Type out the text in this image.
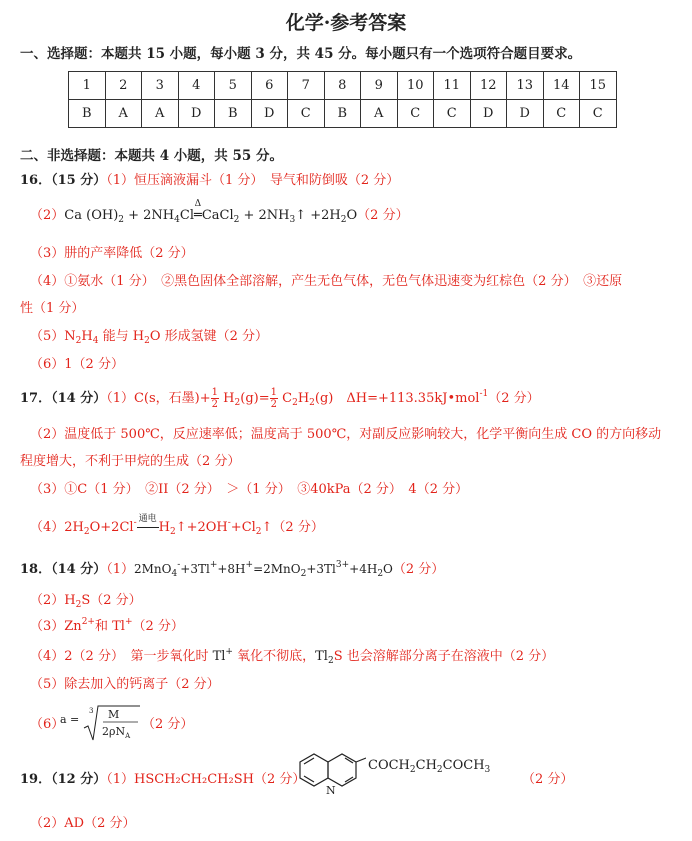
化学·参考答案
一、选择题：本题共 15 小题，每小题 3 分，共 45 分。每小题只有一个选项符合题目要求。
1	2	3	4	5	6	7	8	9	10	11	12	13	14	15
B	A	A	D	B	D	C	B	A	C	C	D	D	C	C
二、非选择题：本题共 4 小题，共 55 分。
16．（15 分）（1）恒压滴液漏斗（1 分）　导气和防倒吸（2 分）
（2）Ca $(OH)_2 + 2NH_4Cl$
Δ
═CaCl$_2$ + $2NH_3↑ +2H_2O(2$ 分）
（3）肼的产率降低（2 分）
（4）①氨水（1 分）　②黑色固体全部溶解，产生无色气体，无色气体迅速变为红棕色（2 分）　③还原
性（1 分）
$(5)N_2H_4$ 能与 $H_2O$ 形成氢键（2 分）
（6）1（2 分）
17．（14 分）（1）C(s，石墨)+ $\frac{1}{2} H_2(g)= \frac{1}{2} C_2H_2(g)$　ΔH=+113.35kJ•mol$^{-1}$（2 分）
（2）温度低于 500℃，反应速率低；温度高于 500℃，对副反应影响较大，化学平衡向生成 CO 的方向移动
程度增大，不利于甲烷的生成（2 分）
（3）①C（1 分）　②II（2 分）　＞（1 分）　③40kPa（2 分）　4（2 分）
$(4)2H_2O+2Cl^-$ 通电
$H_2↑+2OH^-+Cl_2↑(2$ 分）
18．（14 分）$(1)2MnO_4^-+3Tl^++8H^+=2MnO_2+3Tl^{3+}+4H_2O(2$ 分）
$(2)H_2S(2$ 分）
$(3)Zn^{2+}$和 Tl+（2 分）
（4）2（2 分）　第一步氧化时 Tl+ 氧化不彻底，$Tl_2S$ 也会溶解部分离子在溶液中（2 分）
（5）除去加入的钙离子（2 分）
（6）
a =
3 M
$2\rho N_A$
（2 分）
19．（12 分）（1）HSCH₂CH₂CH₂SH（2 分）
N
$COCH_2CH_2COCH_3$
（2 分）
（2）AD（2 分）
